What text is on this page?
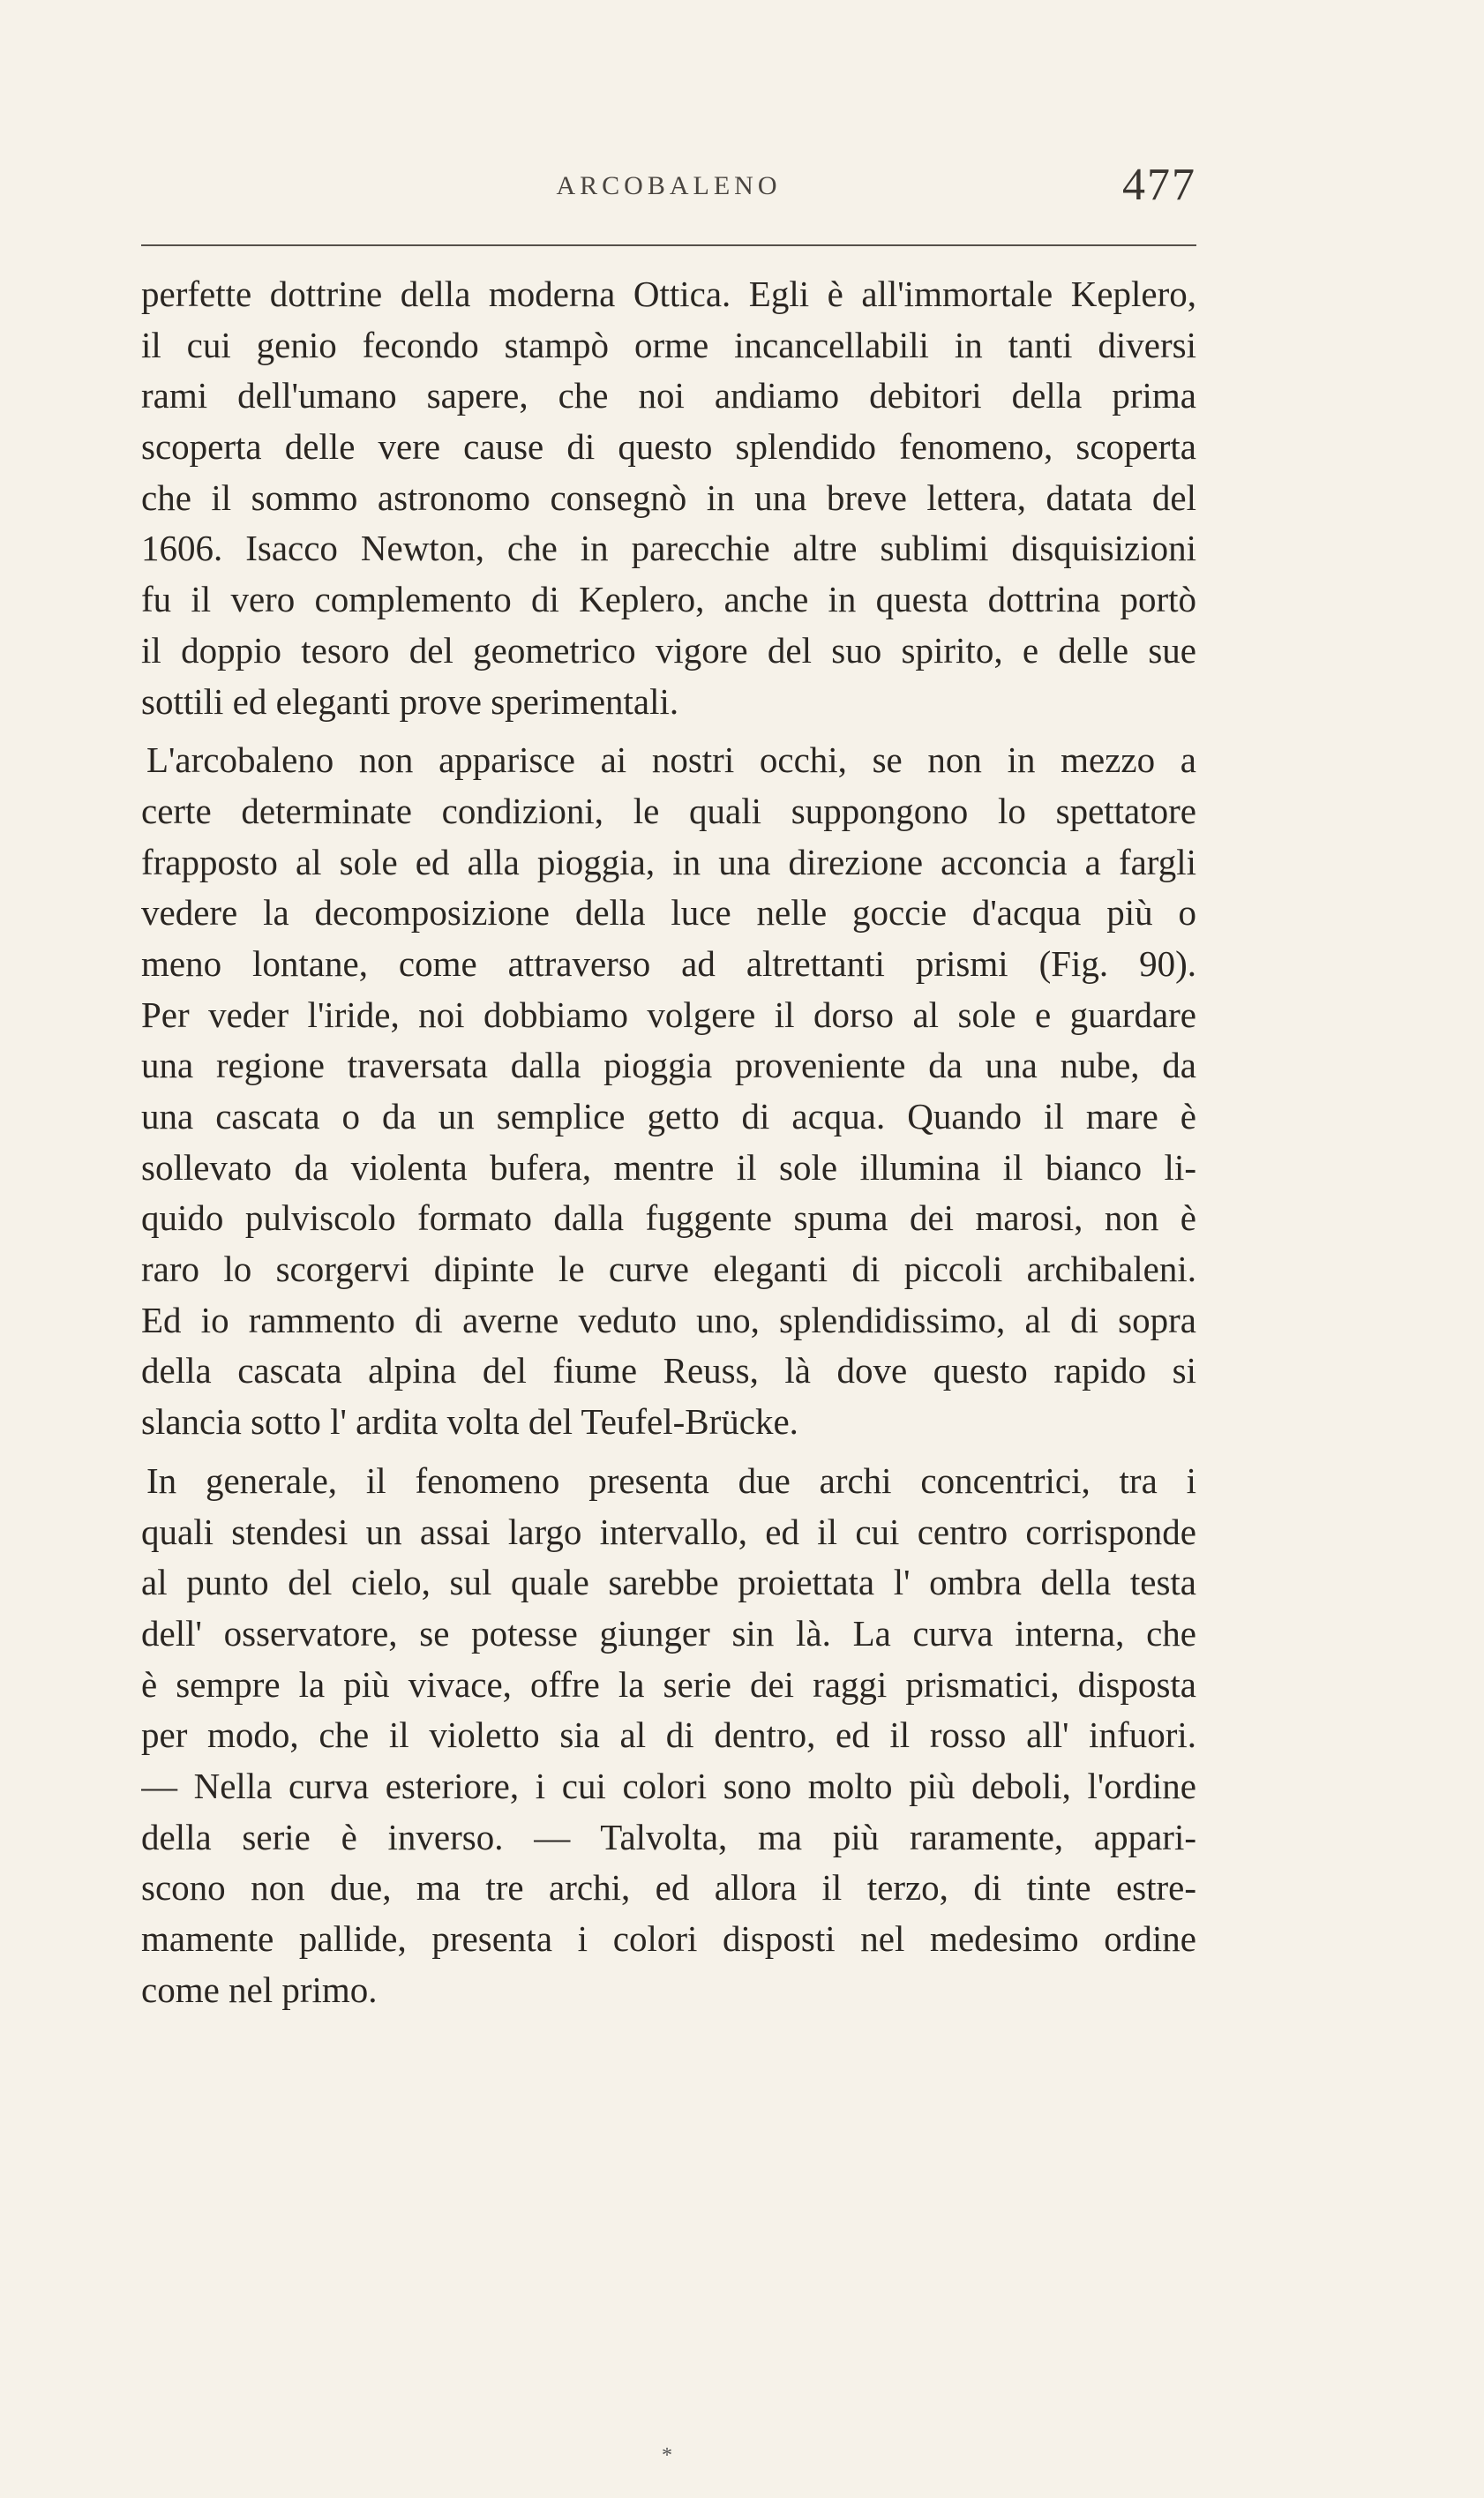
ARCOBALENO	477
perfette dottrine della moderna Ottica. Egli è all'immortale Keplero,
il cui genio fecondo stampò orme incancellabili in tanti diversi
rami dell'umano sapere, che noi andiamo debitori della prima
scoperta delle vere cause di questo splendido fenomeno, scoperta
che il sommo astronomo consegnò in una breve lettera, datata del
1606. Isacco Newton, che in parecchie altre sublimi disquisizioni
fu il vero complemento di Keplero, anche in questa dottrina portò
il doppio tesoro del geometrico vigore del suo spirito, e delle sue
sottili ed eleganti prove sperimentali.
L'arcobaleno non apparisce ai nostri occhi, se non in mezzo a
certe determinate condizioni, le quali suppongono lo spettatore
frapposto al sole ed alla pioggia, in una direzione acconcia a fargli
vedere la decomposizione della luce nelle goccie d'acqua più o
meno lontane, come attraverso ad altrettanti prismi (Fig. 90).
Per veder l'iride, noi dobbiamo volgere il dorso al sole e guardare
una regione traversata dalla pioggia proveniente da una nube, da
una cascata o da un semplice getto di acqua. Quando il mare è
sollevato da violenta bufera, mentre il sole illumina il bianco li-
quido pulviscolo formato dalla fuggente spuma dei marosi, non è
raro lo scorgervi dipinte le curve eleganti di piccoli archibaleni.
Ed io rammento di averne veduto uno, splendidissimo, al di sopra
della cascata alpina del fiume Reuss, là dove questo rapido si
slancia sotto l' ardita volta del Teufel-Brücke.
In generale, il fenomeno presenta due archi concentrici, tra i
quali stendesi un assai largo intervallo, ed il cui centro corrisponde
al punto del cielo, sul quale sarebbe proiettata l' ombra della testa
dell' osservatore, se potesse giunger sin là. La curva interna, che
è sempre la più vivace, offre la serie dei raggi prismatici, disposta
per modo, che il violetto sia al di dentro, ed il rosso all' infuori.
— Nella curva esteriore, i cui colori sono molto più deboli, l'ordine
della serie è inverso. — Talvolta, ma più raramente, appari-
scono non due, ma tre archi, ed allora il terzo, di tinte estre-
mamente pallide, presenta i colori disposti nel medesimo ordine
come nel primo.
*
